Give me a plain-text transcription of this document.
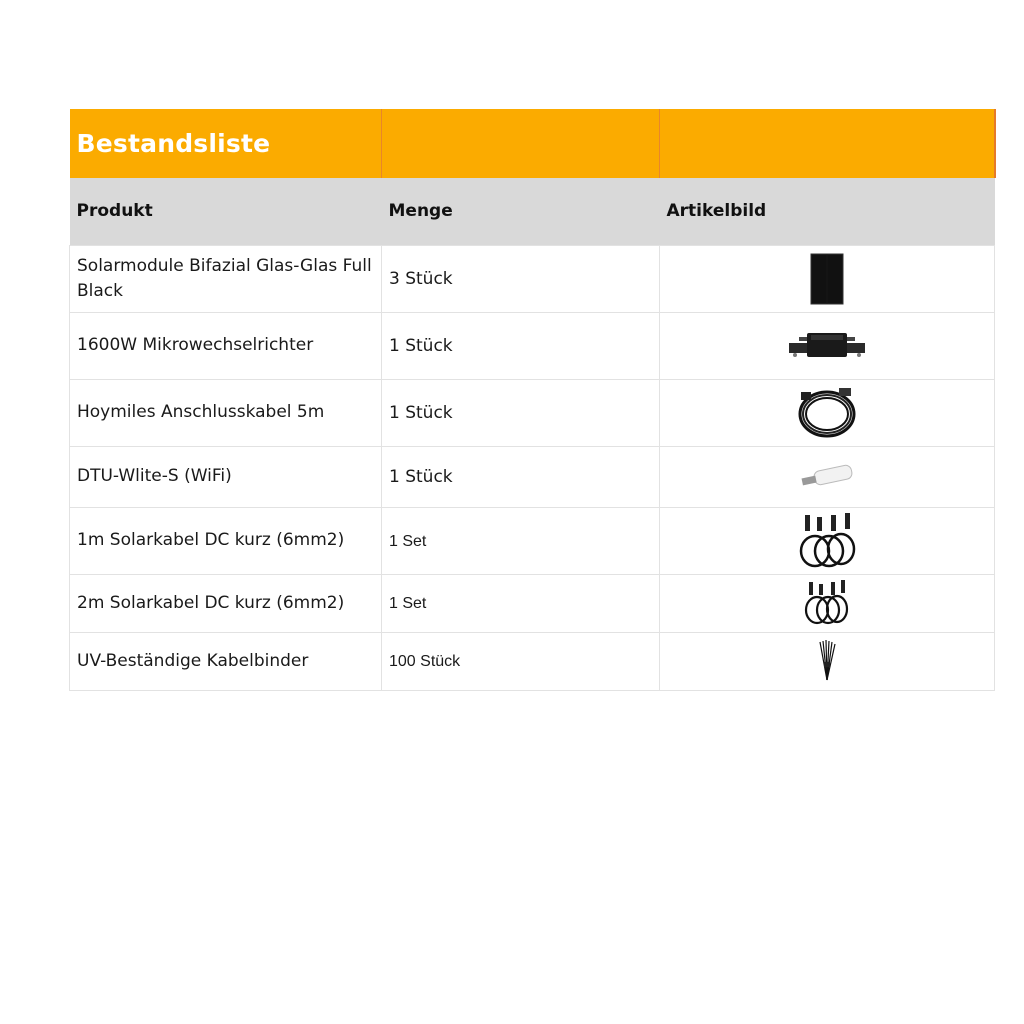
Bestandsliste		
Produkt	Menge	Artikelbild

Solarmodule Bifazial Glas-Glas Full Black	3 Stück	

1600W Mikrowechselrichter	1 Stück	

Hoymiles Anschlusskabel 5m	1 Stück	

DTU-Wlite-S (WiFi)	1 Stück	

1m Solarkabel DC kurz (6mm2)	1 Set	

2m Solarkabel DC kurz (6mm2)	1 Set	

UV-Beständige Kabelbinder	100 Stück	
